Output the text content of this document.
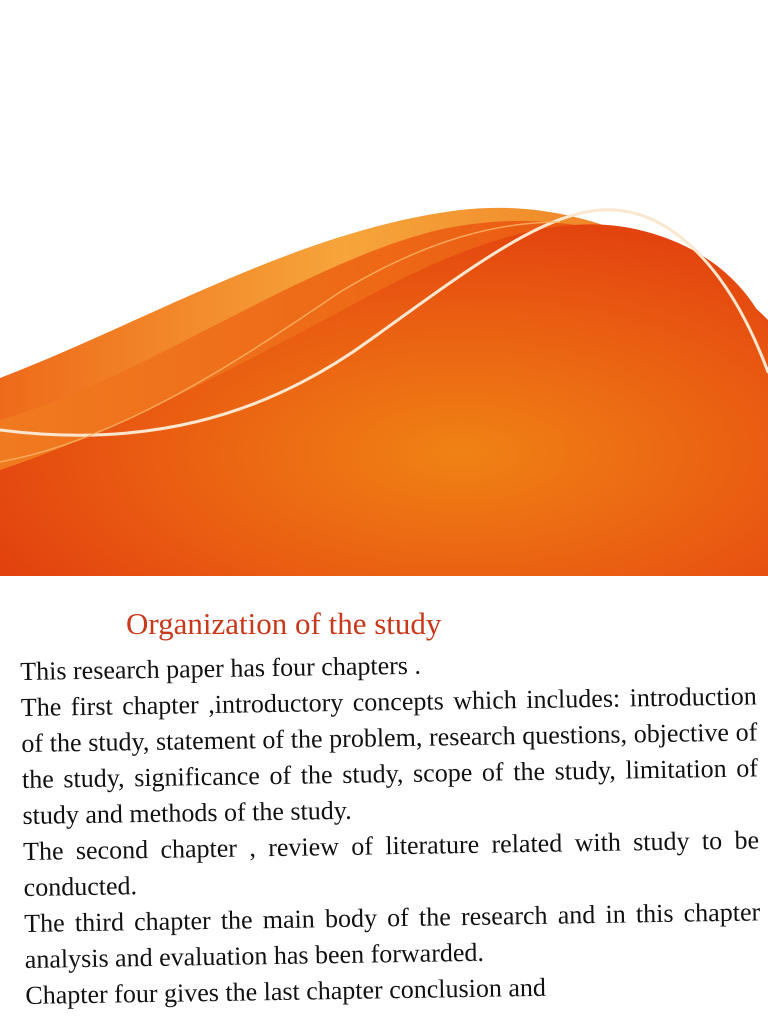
Organization of the study

This research paper has four chapters .

The first chapter ,introductory concepts which includes: introduction of the study, statement of the problem, research questions, objective of the study, significance of the study, scope of the study, limitation of study and methods of the study.

The second chapter , review of literature related with study to be conducted.

The third chapter the main body of the research and in this chapter analysis and evaluation has been forwarded.

Chapter four gives the last chapter conclusion and
